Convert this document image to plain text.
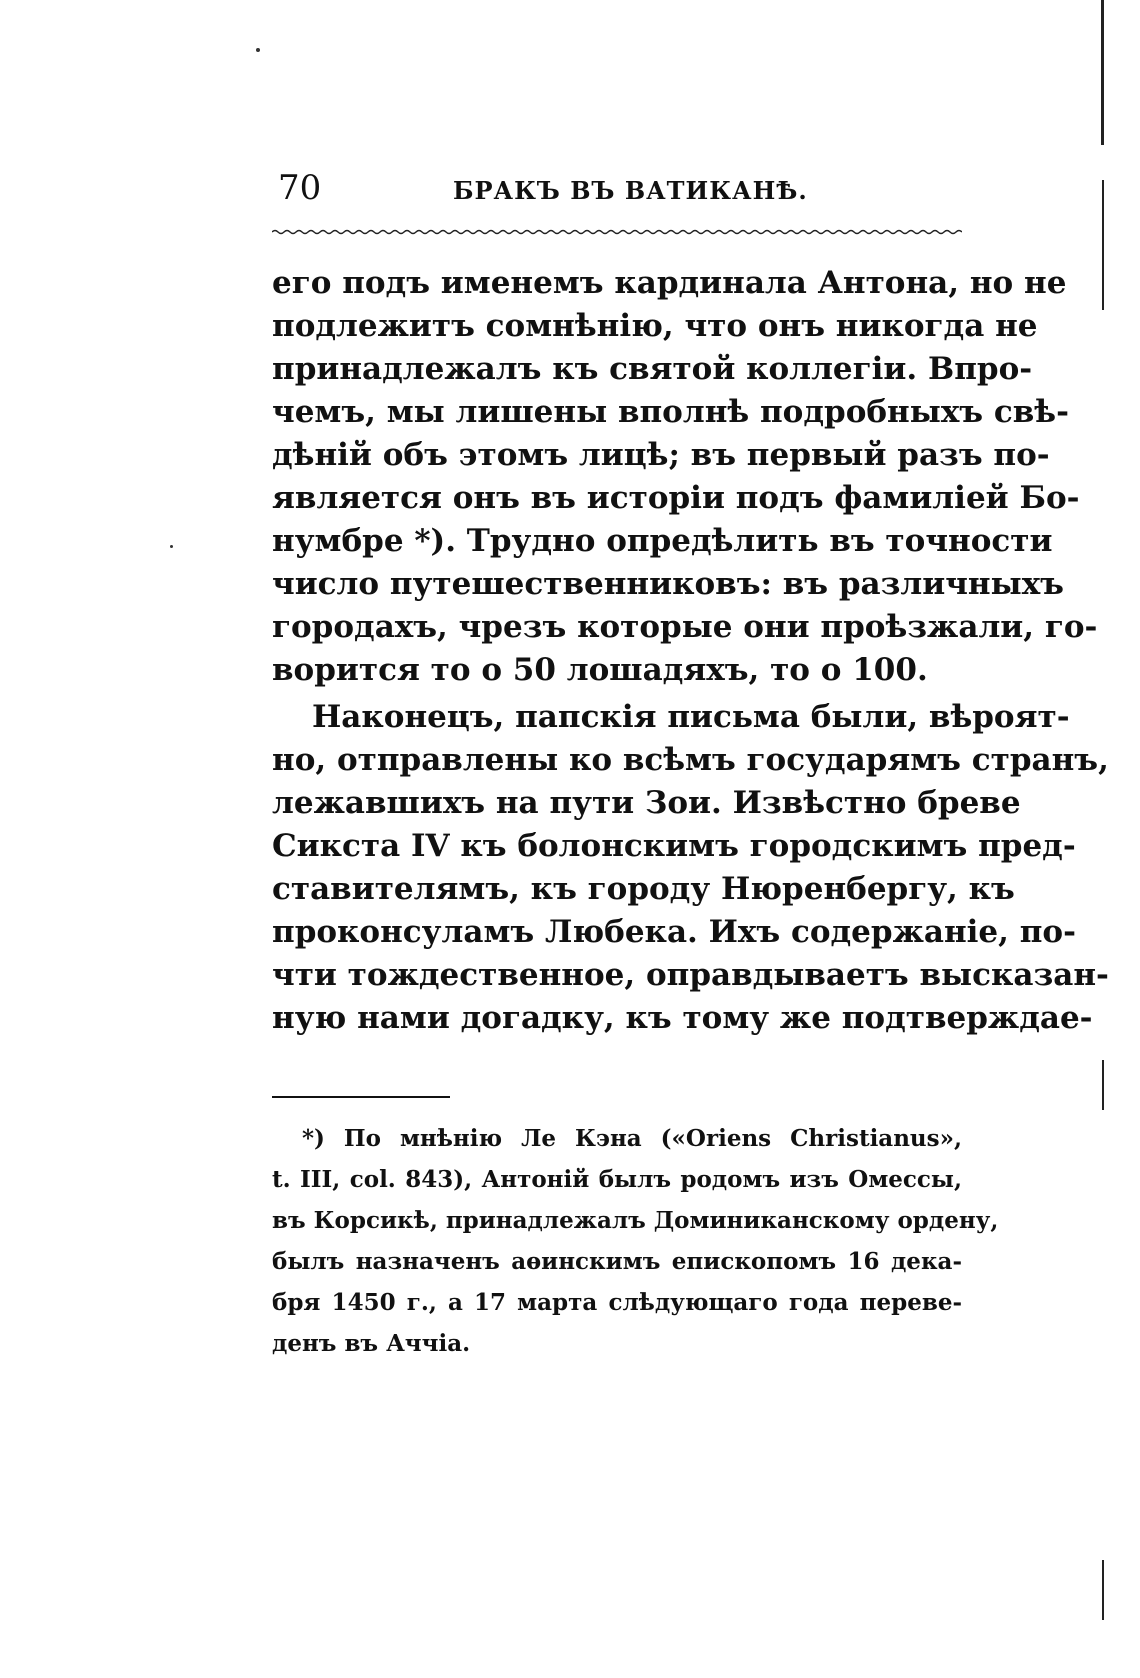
70	БРАКЪ ВЪ ВАТИКАНѢ.
его подъ именемъ кардинала Антона, но не
подлежитъ сомнѣнію, что онъ никогда не
принадлежалъ къ святой коллегіи. Впро-
чемъ, мы лишены вполнѣ подробныхъ свѣ-
дѣній объ этомъ лицѣ; въ первый разъ по-
является онъ въ исторіи подъ фамиліей Бо-
нумбре *). Трудно опредѣлить въ точности
число путешественниковъ: въ различныхъ
городахъ, чрезъ которые они проѣзжали, го-
ворится то о 50 лошадяхъ, то о 100.
Наконецъ, папскія письма были, вѣроят-
но, отправлены ко всѣмъ государямъ странъ,
лежавшихъ на пути Зои. Извѣстно бреве
Сикста IV къ болонскимъ городскимъ пред-
ставителямъ, къ городу Нюренбергу, къ
проконсуламъ Любека. Ихъ содержаніе, по-
чти тождественное, оправдываетъ высказан-
ную нами догадку, къ тому же подтверждае-
*) По мнѣнію Ле Кэна («Oriens Christianus»,
t. III, col. 843), Антоній былъ родомъ изъ Омессы,
въ Корсикѣ, принадлежалъ Доминиканскому ордену,
былъ назначенъ аѳинскимъ епископомъ 16 дека-
бря 1450 г., а 17 марта слѣдующаго года переве-
денъ въ Аччіа.
